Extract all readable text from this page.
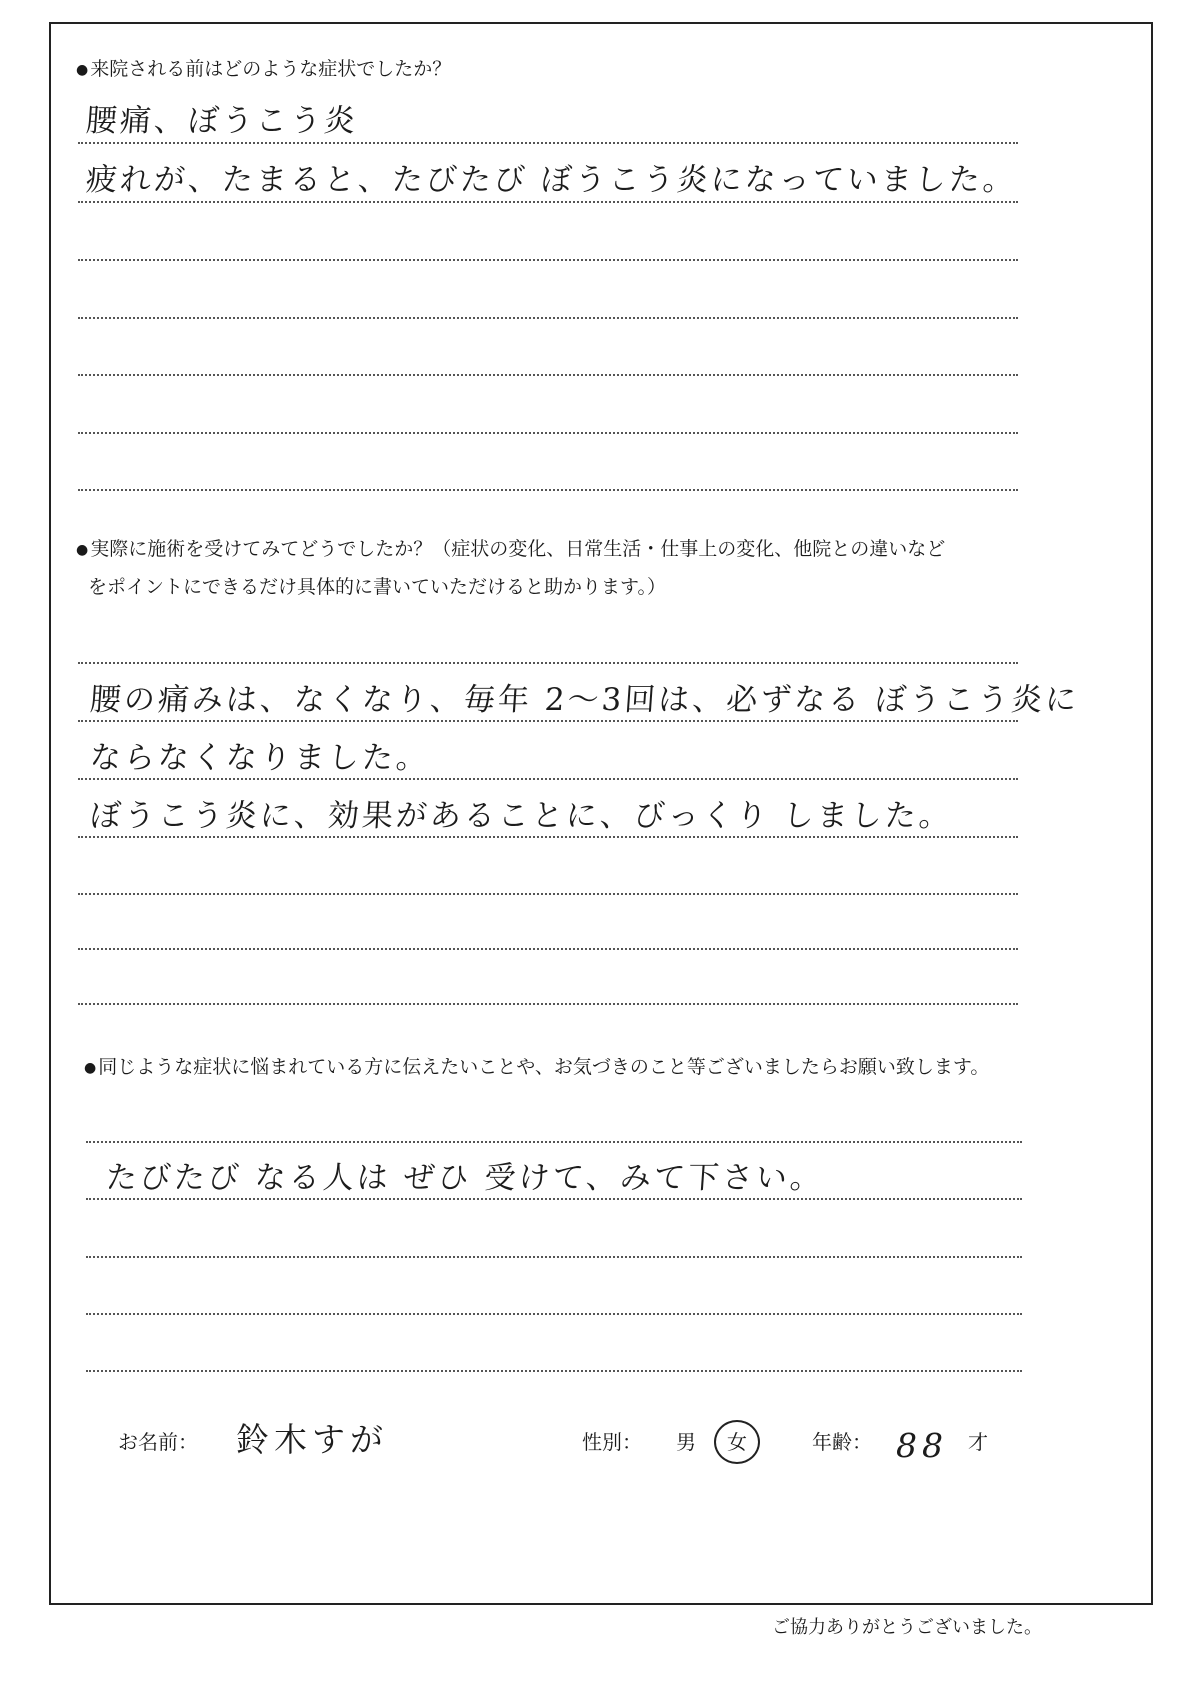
● 来院される前はどのような症状でしたか？
腰痛、ぼうこう炎
疲れが、たまると、たびたび ぼうこう炎になっていました。
● 実際に施術を受けてみてどうでしたか？（症状の変化、日常生活・仕事上の変化、他院との違いなど
をポイントにできるだけ具体的に書いていただけると助かります。）
腰の痛みは、なくなり、毎年 2〜3回は、必ずなる ぼうこう炎に
ならなくなりました。
ぼうこう炎に、効果があることに、びっくり しました。
● 同じような症状に悩まれている方に伝えたいことや、お気づきのこと等ございましたらお願い致します。
たびたび なる人は ぜひ 受けて、みて下さい。
お名前： 鈴木すが	性別： 男 女	年齢： 88 才
ご協力ありがとうございました。
